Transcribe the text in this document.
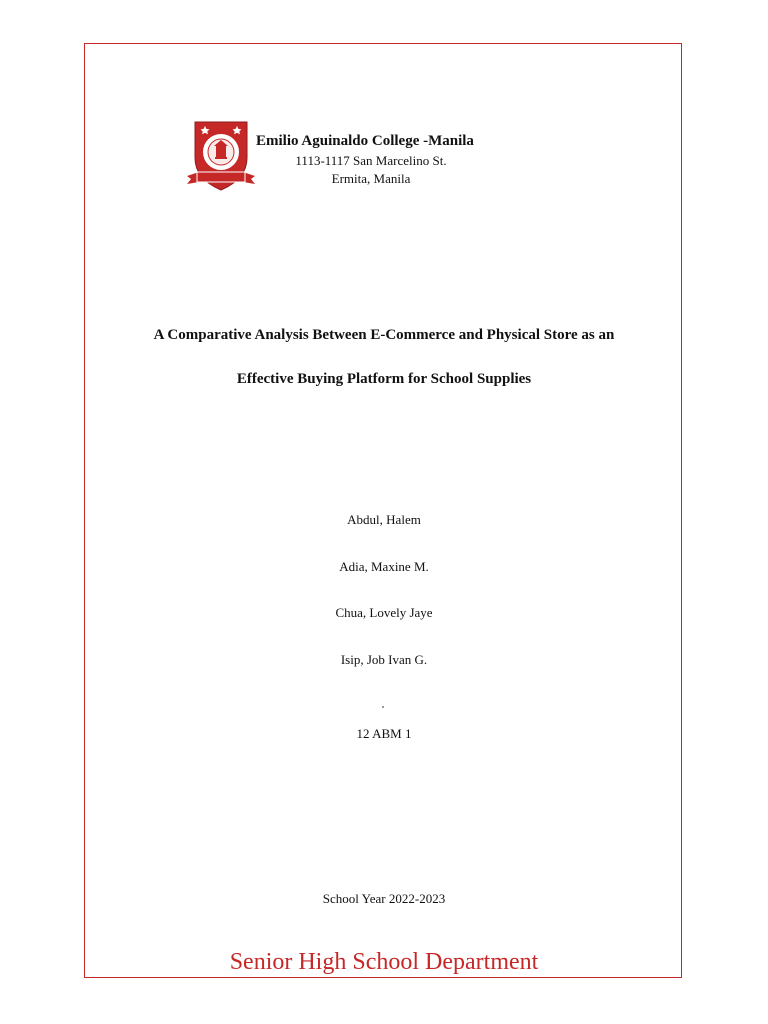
Emilio Aguinaldo College -Manila
1113-1117 San Marcelino St.
Ermita, Manila
A Comparative Analysis Between E-Commerce and Physical Store as an
Effective Buying Platform for School Supplies
Abdul, Halem
Adia, Maxine M.
Chua, Lovely Jaye
Isip, Job Ivan G.
12 ABM 1
School Year 2022-2023
Senior High School Department
